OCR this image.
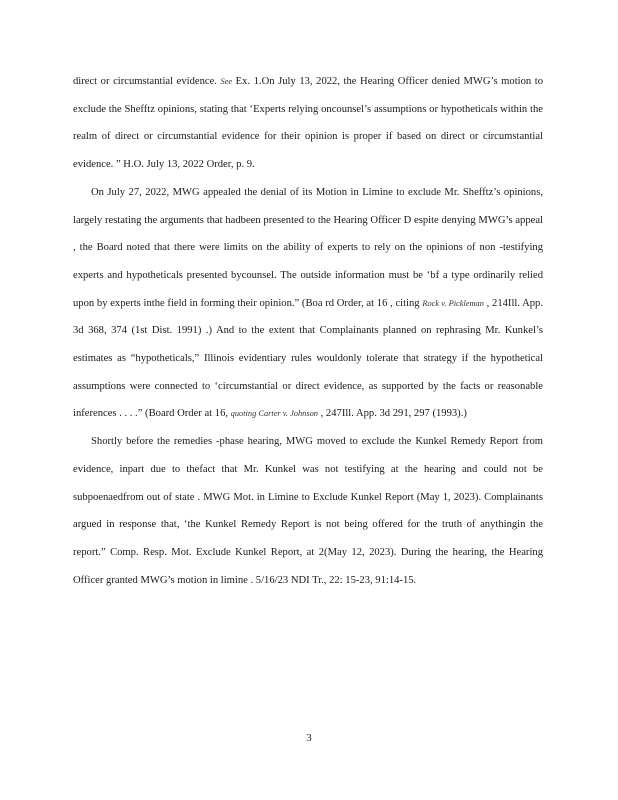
direct or circumstantial evidence. See Ex. 1.On July 13, 2022, the Hearing Officer denied MWG’s motion to exclude the Shefftz opinions, stating that ‘Experts relying oncounsel’s assumptions or hypotheticals within the realm of direct or circumstantial evidence for their opinion is proper if based on direct or circumstantial evidence. ” H.O. July 13, 2022 Order, p. 9.

On July 27, 2022, MWG appealed the denial of its Motion in Limine to exclude Mr. Shefftz’s opinions, largely restating the arguments that hadbeen presented to the Hearing Officer D espite denying MWG’s appeal , the Board noted that there were limits on the ability of experts to rely on the opinions of non -testifying experts and hypotheticals presented bycounsel. The outside information must be ‘bf a type ordinarily relied upon by experts inthe field in forming their opinion.” (Boa rd Order, at 16 , citing Rock v. Pickleman , 214Ill. App. 3d 368, 374 (1st Dist. 1991) .) And to the extent that Complainants planned on rephrasing Mr. Kunkel’s estimates as “hypotheticals,” Illinois evidentiary rules wouldonly tolerate that strategy if the hypothetical assumptions were connected to ‘circumstantial or direct evidence, as supported by the facts or reasonable inferences . . . .” (Board Order at 16, quoting Carter v. Johnson , 247Ill. App. 3d 291, 297 (1993).)

Shortly before the remedies -phase hearing, MWG moved to exclude the Kunkel Remedy Report from evidence, inpart due to thefact that Mr. Kunkel was not testifying at the hearing and could not be subpoenaedfrom out of state . MWG Mot. in Limine to Exclude Kunkel Report (May 1, 2023). Complainants argued in response that, ‘the Kunkel Remedy Report is not being offered for the truth of anythingin the report.” Comp. Resp. Mot. Exclude Kunkel Report, at 2(May 12, 2023). During the hearing, the Hearing Officer granted MWG’s motion in limine . 5/16/23 NDI Tr., 22: 15-23, 91:14-15.

3
